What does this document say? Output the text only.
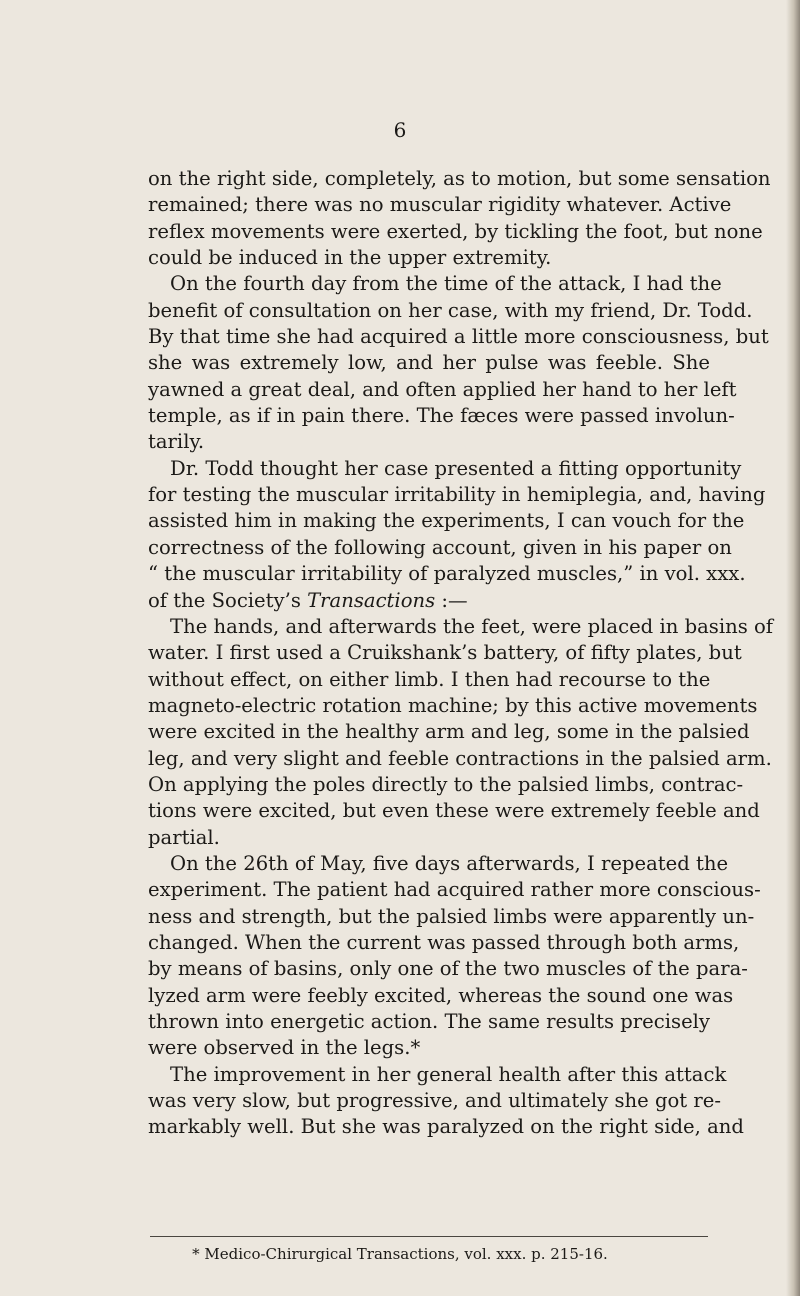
6
on the right side, completely, as to motion, but some sensation
remained; there was no muscular rigidity whatever. Active
reflex movements were exerted, by tickling the foot, but none
could be induced in the upper extremity.
On the fourth day from the time of the attack, I had the
benefit of consultation on her case, with my friend, Dr. Todd.
By that time she had acquired a little more consciousness, but
she was extremely low, and her pulse was feeble. She
yawned a great deal, and often applied her hand to her left
temple, as if in pain there. The fæces were passed involun-
tarily.
Dr. Todd thought her case presented a fitting opportunity
for testing the muscular irritability in hemiplegia, and, having
assisted him in making the experiments, I can vouch for the
correctness of the following account, given in his paper on
“ the muscular irritability of paralyzed muscles,” in vol. xxx.
of the Society’s Transactions :—
The hands, and afterwards the feet, were placed in basins of
water. I first used a Cruikshank’s battery, of fifty plates, but
without effect, on either limb. I then had recourse to the
magneto-electric rotation machine; by this active movements
were excited in the healthy arm and leg, some in the palsied
leg, and very slight and feeble contractions in the palsied arm.
On applying the poles directly to the palsied limbs, contrac-
tions were excited, but even these were extremely feeble and
partial.
On the 26th of May, five days afterwards, I repeated the
experiment. The patient had acquired rather more conscious-
ness and strength, but the palsied limbs were apparently un-
changed. When the current was passed through both arms,
by means of basins, only one of the two muscles of the para-
lyzed arm were feebly excited, whereas the sound one was
thrown into energetic action. The same results precisely
were observed in the legs.*
The improvement in her general health after this attack
was very slow, but progressive, and ultimately she got re-
markably well. But she was paralyzed on the right side, and
* Medico-Chirurgical Transactions, vol. xxx. p. 215-16.
